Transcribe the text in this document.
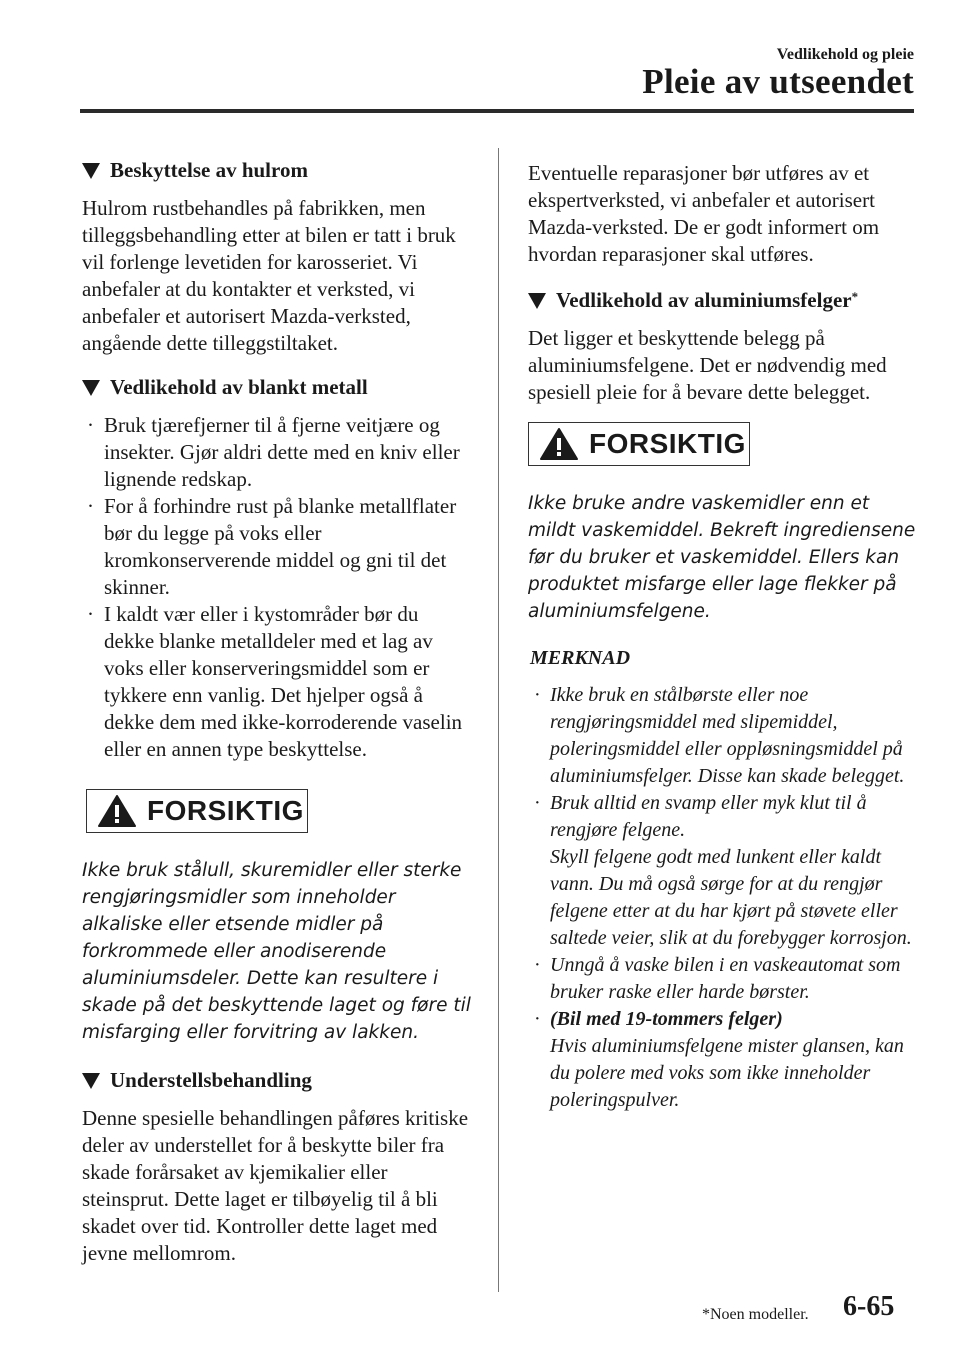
Vedlikehold og pleie
Pleie av utseendet
Beskyttelse av hulrom

Hulrom rustbehandles på fabrikken, men tilleggsbehandling etter at bilen er tatt i bruk vil forlenge levetiden for karosseriet. Vi anbefaler at du kontakter et verksted, vi anbefaler et autorisert Mazda-verksted, angående dette tilleggstiltaket.

Vedlikehold av blankt metall
· Bruk tjærefjerner til å fjerne veitjære og insekter. Gjør aldri dette med en kniv eller lignende redskap.
· For å forhindre rust på blanke metallflater bør du legge på voks eller kromkonserverende middel og gni til det skinner.
· I kaldt vær eller i kystområder bør du dekke blanke metalldeler med et lag av voks eller konserveringsmiddel som er tykkere enn vanlig. Det hjelper også å dekke dem med ikke-korroderende vaselin eller en annen type beskyttelse.
FORSIKTIG

Ikke bruk stålull, skuremidler eller sterke rengjøringsmidler som inneholder alkaliske eller etsende midler på forkrommede eller anodiserende aluminiumsdeler. Dette kan resultere i skade på det beskyttende laget og føre til misfarging eller forvitring av lakken.

Understellsbehandling

Denne spesielle behandlingen påføres kritiske deler av understellet for å beskytte biler fra skade forårsaket av kjemikalier eller steinsprut. Dette laget er tilbøyelig til å bli skadet over tid. Kontroller dette laget med jevne mellomrom.

Eventuelle reparasjoner bør utføres av et ekspertverksted, vi anbefaler et autorisert Mazda-verksted. De er godt informert om hvordan reparasjoner skal utføres.

Vedlikehold av aluminiumsfelger*

Det ligger et beskyttende belegg på aluminiumsfelgene. Det er nødvendig med spesiell pleie for å bevare dette belegget.

FORSIKTIG

Ikke bruke andre vaskemidler enn et mildt vaskemiddel. Bekreft ingrediensene før du bruker et vaskemiddel. Ellers kan produktet misfarge eller lage flekker på aluminiumsfelgene.

MERKNAD
· Ikke bruk en stålbørste eller noe rengjøringsmiddel med slipemiddel, poleringsmiddel eller oppløsningsmiddel på aluminiumsfelger. Disse kan skade belegget.
· Bruk alltid en svamp eller myk klut til å rengjøre felgene.
Skyll felgene godt med lunkent eller kaldt vann. Du må også sørge for at du rengjør felgene etter at du har kjørt på støvete eller saltede veier, slik at du forebygger korrosjon.
· Unngå å vaske bilen i en vaskeautomat som bruker raske eller harde børster.
· (Bil med 19-tommers felger)
Hvis aluminiumsfelgene mister glansen, kan du polere med voks som ikke inneholder poleringspulver.
*Noen modeller. 6-65
